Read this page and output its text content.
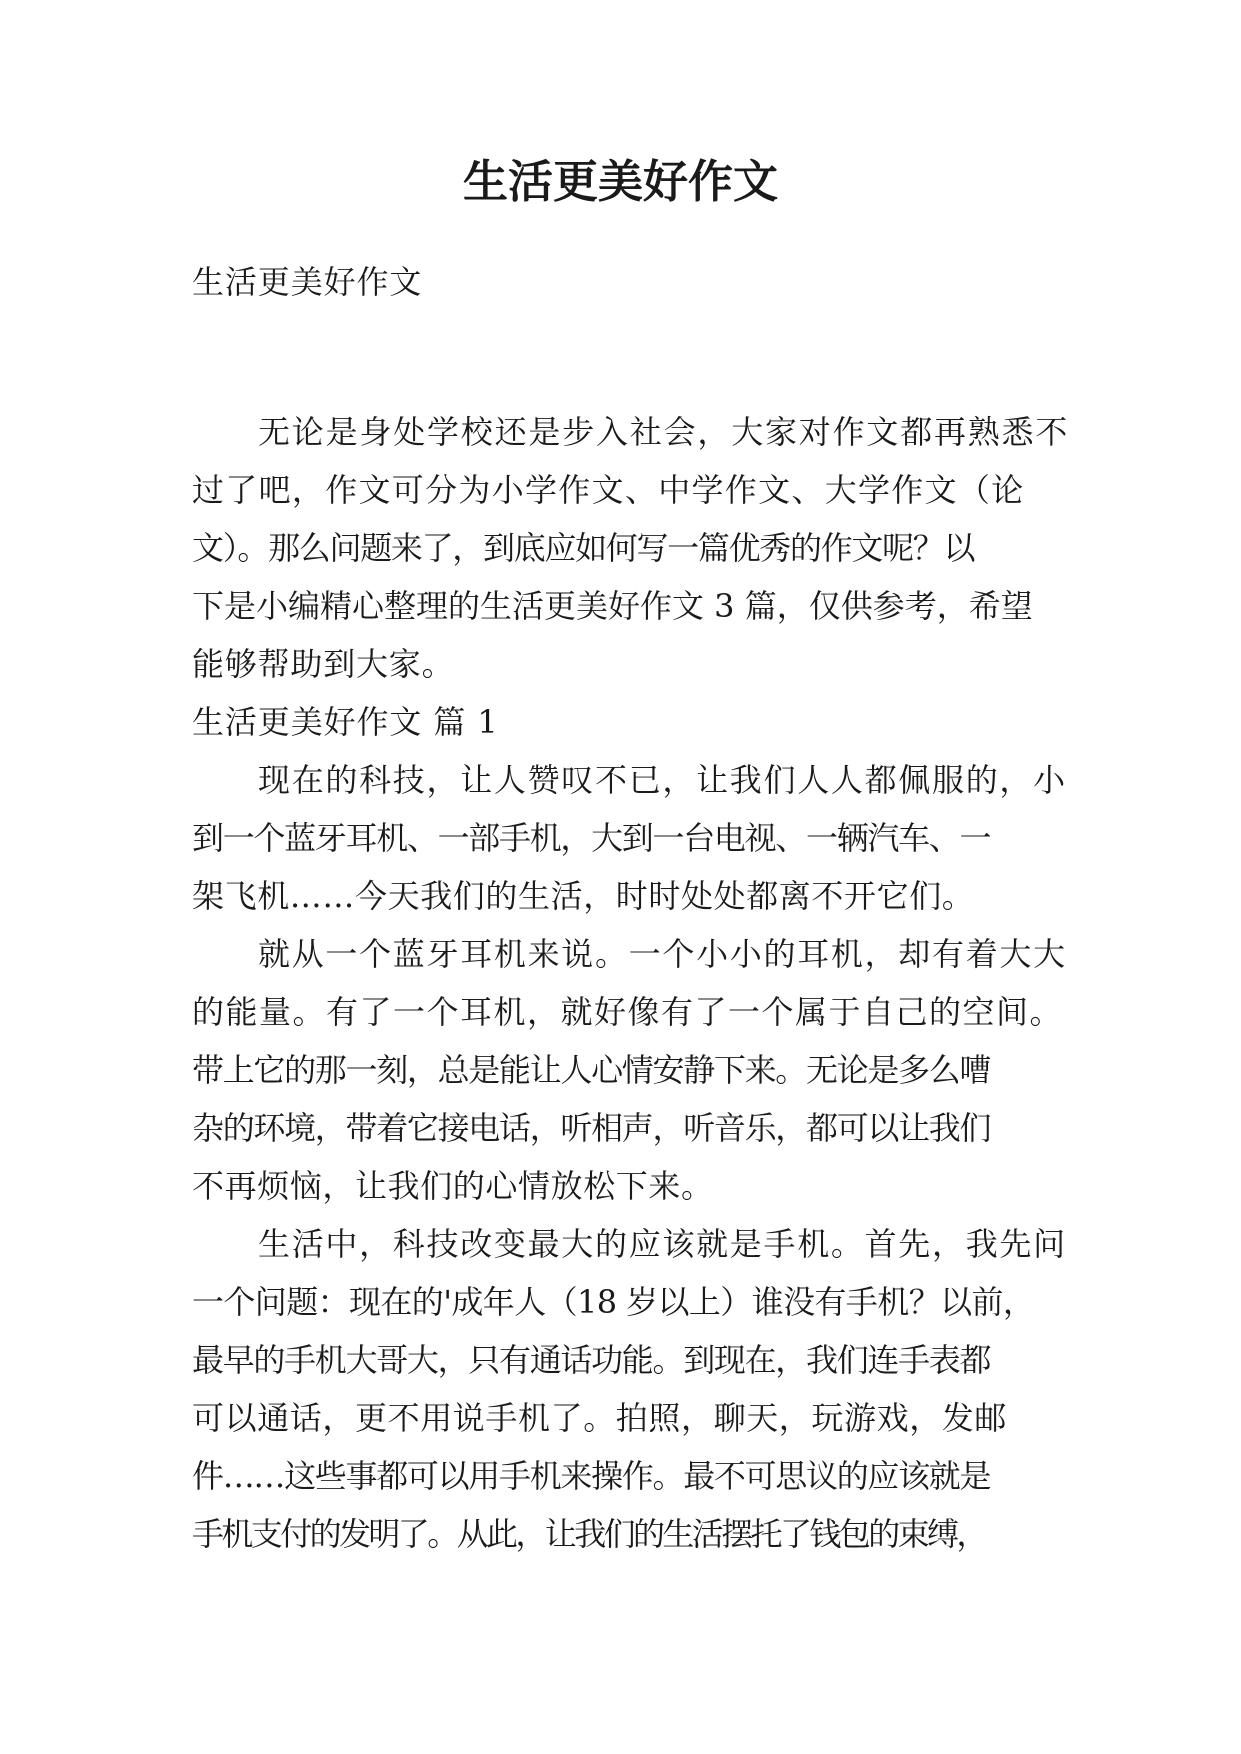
生活更美好作文

生活更美好作文

无论是身处学校还是步入社会，大家对作文都再熟悉不

过了吧，作文可分为小学作文、中学作文、大学作文（论

文）。那么问题来了，到底应如何写一篇优秀的作文呢？以

下是小编精心整理的生活更美好作文 3 篇，仅供参考，希望

能够帮助到大家。

生活更美好作文 篇 1

现在的科技，让人赞叹不已，让我们人人都佩服的，小

到一个蓝牙耳机、一部手机，大到一台电视、一辆汽车、一

架飞机……今天我们的生活，时时处处都离不开它们。

就从一个蓝牙耳机来说。一个小小的耳机，却有着大大

的能量。有了一个耳机，就好像有了一个属于自己的空间。

带上它的那一刻，总是能让人心情安静下来。无论是多么嘈

杂的环境，带着它接电话，听相声，听音乐，都可以让我们

不再烦恼，让我们的心情放松下来。

生活中，科技改变最大的应该就是手机。首先，我先问

一个问题：现在的'成年人（18 岁以上）谁没有手机？以前，

最早的手机大哥大，只有通话功能。到现在，我们连手表都

可以通话，更不用说手机了。拍照，聊天，玩游戏，发邮

件……这些事都可以用手机来操作。最不可思议的应该就是

手机支付的发明了。从此，让我们的生活摆托了钱包的束缚，
